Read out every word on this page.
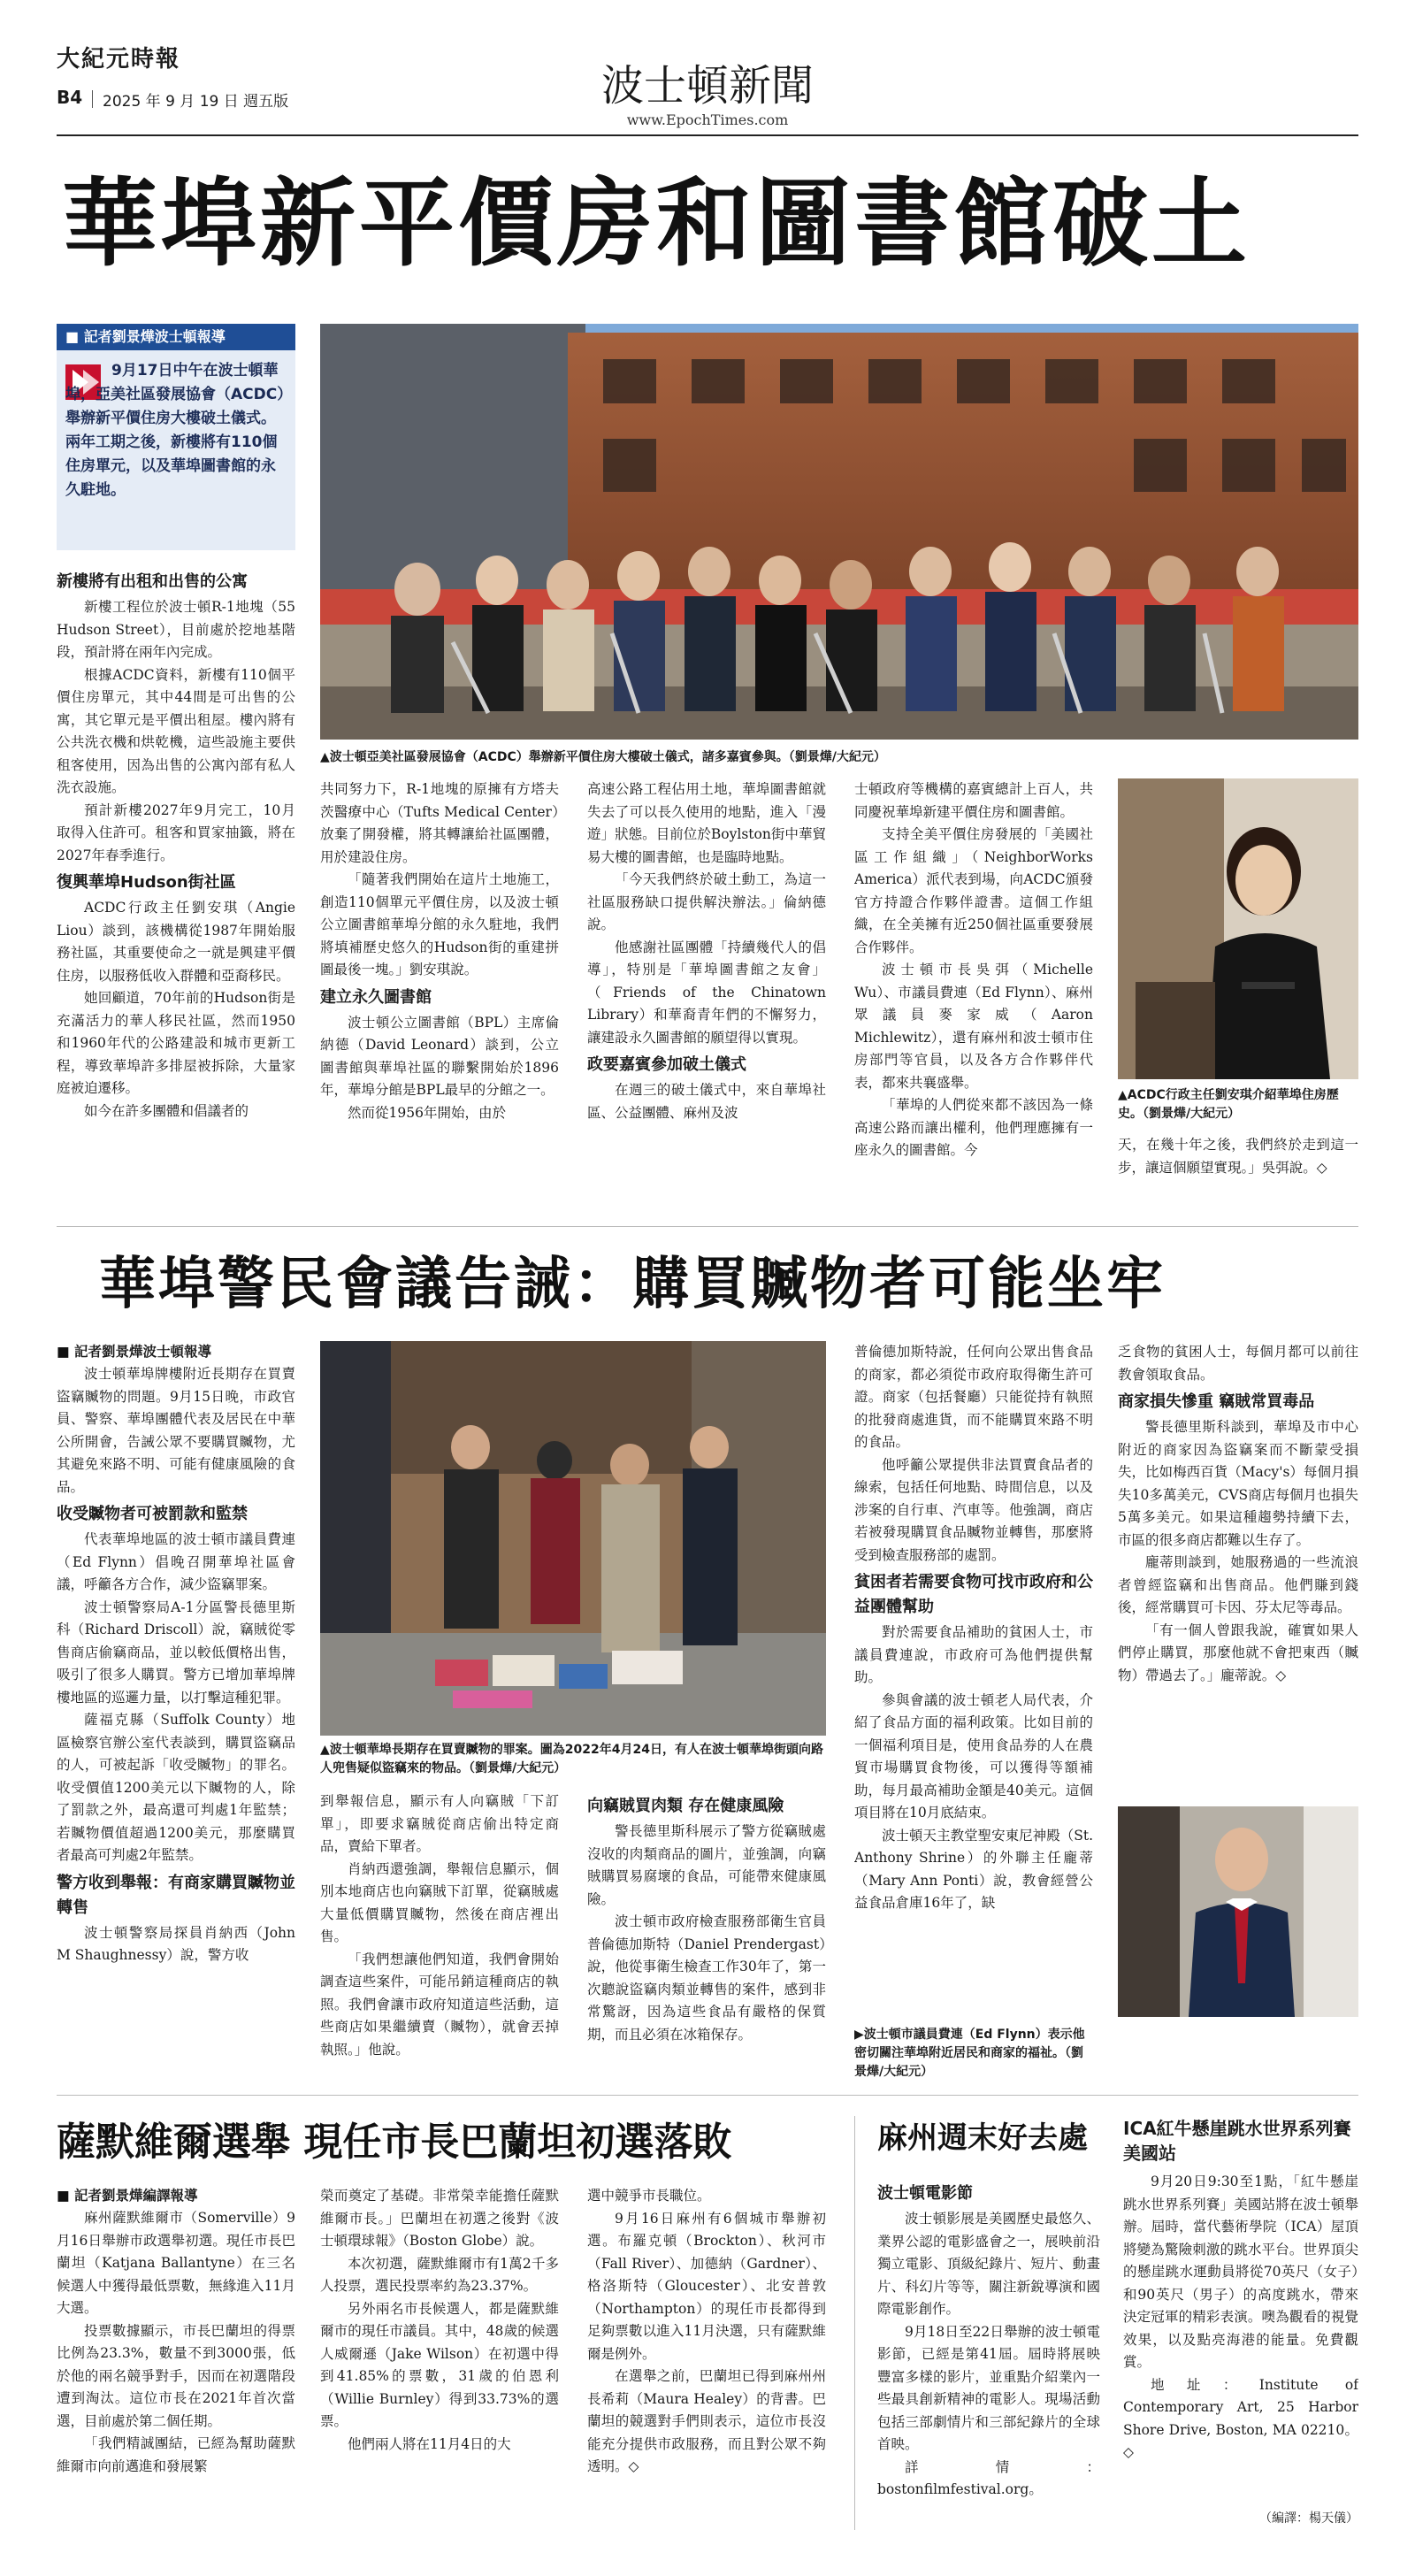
大紀元時報
B4 2025 年 9 月 19 日 週五版	波士頓新聞
www.EpochTimes.com
華埠新平價房和圖書館破土
■ 記者劉景燁波士頓報導
9月17日中午在波士頓華埠，亞美社區發展協會（ACDC）舉辦新平價住房大樓破土儀式。兩年工期之後，新樓將有110個住房單元，以及華埠圖書館的永久駐地。
▲波士頓亞美社區發展協會（ACDC）舉辦新平價住房大樓破土儀式，諸多嘉賓參與。（劉景燁/大紀元）
新樓將有出租和出售的公寓

新樓工程位於波士頓R-1地塊（55 Hudson Street），目前處於挖地基階段，預計將在兩年內完成。

根據ACDC資料，新樓有110個平價住房單元，其中44間是可出售的公寓，其它單元是平價出租屋。樓內將有公共洗衣機和烘乾機，這些設施主要供租客使用，因為出售的公寓內部有私人洗衣設施。

預計新樓2027年9月完工，10月取得入住許可。租客和買家抽籤，將在2027年春季進行。

復興華埠Hudson街社區

ACDC行政主任劉安琪（Angie Liou）談到，該機構從1987年開始服務社區，其重要使命之一就是興建平價住房，以服務低收入群體和亞裔移民。

她回顧道，70年前的Hudson街是充滿活力的華人移民社區，然而1950和1960年代的公路建設和城市更新工程，導致華埠許多排屋被拆除，大量家庭被迫遷移。

如今在許多團體和倡議者的

共同努力下，R-1地塊的原擁有方塔夫茨醫療中心（Tufts Medical Center）放棄了開發權，將其轉讓給社區團體，用於建設住房。

「隨著我們開始在這片土地施工，創造110個單元平價住房，以及波士頓公立圖書館華埠分館的永久駐地，我們將填補歷史悠久的Hudson街的重建拼圖最後一塊。」劉安琪說。

建立永久圖書館

波士頓公立圖書館（BPL）主席倫納德（David Leonard）談到，公立圖書館與華埠社區的聯繫開始於1896年，華埠分館是BPL最早的分館之一。

然而從1956年開始，由於

高速公路工程佔用土地，華埠圖書館就失去了可以長久使用的地點，進入「漫遊」狀態。目前位於Boylston街中華貿易大樓的圖書館，也是臨時地點。

「今天我們終於破土動工，為這一社區服務缺口提供解決辦法。」倫納德說。

他感謝社區團體「持續幾代人的倡導」，特別是「華埠圖書館之友會」（Friends of the Chinatown Library）和華裔青年們的不懈努力，讓建設永久圖書館的願望得以實現。

政要嘉賓參加破土儀式

在週三的破土儀式中，來自華埠社區、公益團體、麻州及波

士頓政府等機構的嘉賓總計上百人，共同慶祝華埠新建平價住房和圖書館。

支持全美平價住房發展的「美國社區工作組織」（NeighborWorks America）派代表到場，向ACDC頒發官方持證合作夥伴證書。這個工作組織，在全美擁有近250個社區重要發展合作夥伴。

波士頓市長吳弭（Michelle Wu）、市議員費連（Ed Flynn）、麻州眾議員麥家威（Aaron Michlewitz），還有麻州和波士頓市住房部門等官員，以及各方合作夥伴代表，都來共襄盛舉。

「華埠的人們從來都不該因為一條高速公路而讓出權利，他們理應擁有一座永久的圖書館。今

▲ACDC行政主任劉安琪介紹華埠住房歷史。（劉景燁/大紀元）
天，在幾十年之後，我們終於走到這一步，讓這個願望實現。」吳弭說。◇
華埠警民會議告誡：購買贓物者可能坐牢
■ 記者劉景燁波士頓報導

波士頓華埠牌樓附近長期存在買賣盜竊贓物的問題。9月15日晚，市政官員、警察、華埠團體代表及居民在中華公所開會，告誡公眾不要購買贓物，尤其避免來路不明、可能有健康風險的食品。

收受贓物者可被罰款和監禁

代表華埠地區的波士頓市議員費連（Ed Flynn）倡晚召開華埠社區會議，呼籲各方合作，減少盜竊罪案。

波士頓警察局A-1分區警長德里斯科（Richard Driscoll）說，竊賊從零售商店偷竊商品，並以較低價格出售，吸引了很多人購買。警方已增加華埠牌樓地區的巡邏力量，以打擊這種犯罪。

薩福克縣（Suffolk County）地區檢察官辦公室代表談到，購買盜竊品的人，可被起訴「收受贓物」的罪名。收受價值1200美元以下贓物的人，除了罰款之外，最高還可判處1年監禁；若贓物價值超過1200美元，那麼購買者最高可判處2年監禁。

警方收到舉報：有商家購買贓物並轉售

波士頓警察局探員肖納西（John M Shaughnessy）說，警方收

▲波士頓華埠長期存在買賣贓物的罪案。圖為2022年4月24日，有人在波士頓華埠街頭向路人兜售疑似盜竊來的物品。（劉景燁/大紀元）

到舉報信息，顯示有人向竊賊「下訂單」，即要求竊賊從商店偷出特定商品，賣給下單者。

肖納西還強調，舉報信息顯示，個別本地商店也向竊賊下訂單，從竊賊處大量低價購買贓物，然後在商店裡出售。

「我們想讓他們知道，我們會開始調查這些案件，可能吊銷這種商店的執照。我們會讓市政府知道這些活動，這些商店如果繼續賣（贓物），就會丟掉執照。」他說。

向竊賊買肉類 存在健康風險

警長德里斯科展示了警方從竊賊處沒收的肉類商品的圖片，並強調，向竊賊購買易腐壞的食品，可能帶來健康風險。

波士頓市政府檢查服務部衛生官員普倫德加斯特（Daniel Prendergast）說，他從事衛生檢查工作30年了，第一次聽說盜竊肉類並轉售的案件，感到非常驚訝，因為這些食品有嚴格的保質期，而且必須在冰箱保存。

普倫德加斯特說，任何向公眾出售食品的商家，都必須從市政府取得衛生許可證。商家（包括餐廳）只能從持有執照的批發商處進貨，而不能購買來路不明的食品。

他呼籲公眾提供非法買賣食品者的線索，包括任何地點、時間信息，以及涉案的自行車、汽車等。他強調，商店若被發現購買食品贓物並轉售，那麼將受到檢查服務部的處罰。

貧困者若需要食物可找市政府和公益團體幫助

對於需要食品補助的貧困人士，市議員費連說，市政府可為他們提供幫助。

參與會議的波士頓老人局代表，介紹了食品方面的福利政策。比如目前的一個福利項目是，使用食品券的人在農貿市場購買食物後，可以獲得等額補助，每月最高補助金額是40美元。這個項目將在10月底結束。

波士頓天主教堂聖安東尼神殿（St. Anthony Shrine）的外聯主任龐蒂（Mary Ann Ponti）說，教會經營公益食品倉庫16年了，缺

乏食物的貧困人士，每個月都可以前往教會領取食品。

商家損失慘重 竊賊常買毒品

警長德里斯科談到，華埠及市中心附近的商家因為盜竊案而不斷蒙受損失，比如梅西百貨（Macy's）每個月損失10多萬美元，CVS商店每個月也損失5萬多美元。如果這種趨勢持續下去，市區的很多商店都難以生存了。

龐蒂則談到，她服務過的一些流浪者曾經盜竊和出售商品。他們賺到錢後，經常購買可卡因、芬太尼等毒品。

「有一個人曾跟我說，確實如果人們停止購買，那麼他就不會把東西（贓物）帶過去了。」龐蒂說。◇

▶波士頓市議員費連（Ed Flynn）表示他密切關注華埠附近居民和商家的福祉。（劉景燁/大紀元）
薩默維爾選舉 現任市長巴蘭坦初選落敗
■ 記者劉景燁編譯報導

麻州薩默維爾市（Somerville）9月16日舉辦市政選舉初選。現任市長巴蘭坦（Katjana Ballantyne）在三名候選人中獲得最低票數，無緣進入11月大選。

投票數據顯示，市長巴蘭坦的得票比例為23.3%，數量不到3000張，低於他的兩名競爭對手，因而在初選階段遭到淘汰。這位市長在2021年首次當選，目前處於第二個任期。

「我們精誠團結，已經為幫助薩默維爾市向前邁進和發展繁

榮而奠定了基礎。非常榮幸能擔任薩默維爾市長。」巴蘭坦在初選之後對《波士頓環球報》（Boston Globe）說。

本次初選，薩默維爾市有1萬2千多人投票，選民投票率約為23.37%。

另外兩名市長候選人，都是薩默維爾市的現任市議員。其中，48歲的候選人威爾遜（Jake Wilson）在初選中得到41.85%的票數，31歲的伯恩利（Willie Burnley）得到33.73%的選票。

他們兩人將在11月4日的大

選中競爭市長職位。

9月16日麻州有6個城市舉辦初選。布羅克頓（Brockton）、秋河市（Fall River）、加德納（Gardner）、格洛斯特（Gloucester）、北安普敦（Northampton）的現任市長都得到足夠票數以進入11月決選，只有薩默維爾是例外。

在選舉之前，巴蘭坦已得到麻州州長希莉（Maura Healey）的背書。巴蘭坦的競選對手們則表示，這位市長沒能充分提供市政服務，而且對公眾不夠透明。◇

麻州週末好去處
波士頓電影節

波士頓影展是美國歷史最悠久、業界公認的電影盛會之一，展映前沿獨立電影、頂級紀錄片、短片、動畫片、科幻片等等，關注新銳導演和國際電影創作。

9月18日至22日舉辦的波士頓電影節，已經是第41屆。屆時將展映豐富多樣的影片，並重點介紹業內一些最具創新精神的電影人。現場活動包括三部劇情片和三部紀錄片的全球首映。

詳情：bostonfilmfestival.org。

ICA紅牛懸崖跳水世界系列賽美國站

9月20日9:30至1點，「紅牛懸崖跳水世界系列賽」美國站將在波士頓舉辦。屆時，當代藝術學院（ICA）屋頂將變為驚險刺激的跳水平台。世界頂尖的懸崖跳水運動員將從70英尺（女子）和90英尺（男子）的高度跳水，帶來決定冠軍的精彩表演。噢為觀看的視覺效果，以及點亮海港的能量。免費觀賞。

地址：Institute of Contemporary Art, 25 Harbor Shore Drive, Boston, MA 02210。◇

（編譯：楊天儀）
